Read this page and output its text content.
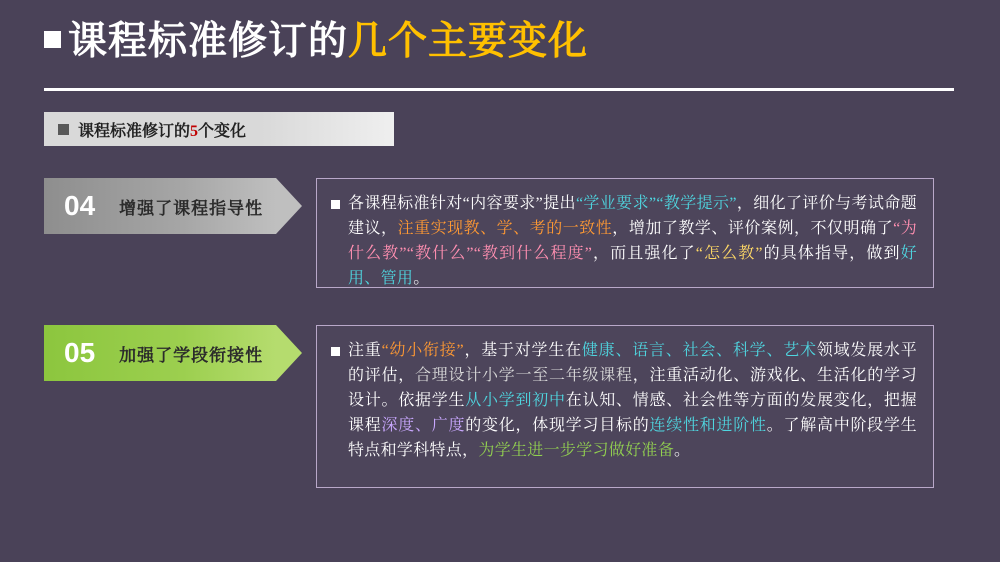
课程标准修订的 几个主要变化
课程标准修订的5个变化
04 增强了课程指导性	各课程标准针对“内容要求”提出“学业要求”“教学提示”，细化了评价与考试命题建议，注重实现教、学、考的一致性，增加了教学、评价案例，不仅明确了“为什么教”“教什么”“教到什么程度”，而且强化了“怎么教”的具体指导，做到好用、管用。
05 加强了学段衔接性	注重“幼小衔接”，基于对学生在健康、语言、社会、科学、艺术领域发展水平的评估，合理设计小学一至二年级课程，注重活动化、游戏化、生活化的学习设计。依据学生从小学到初中在认知、情感、社会性等方面的发展变化，把握课程深度、广度的变化，体现学习目标的连续性和进阶性。了解高中阶段学生特点和学科特点，为学生进一步学习做好准备。
